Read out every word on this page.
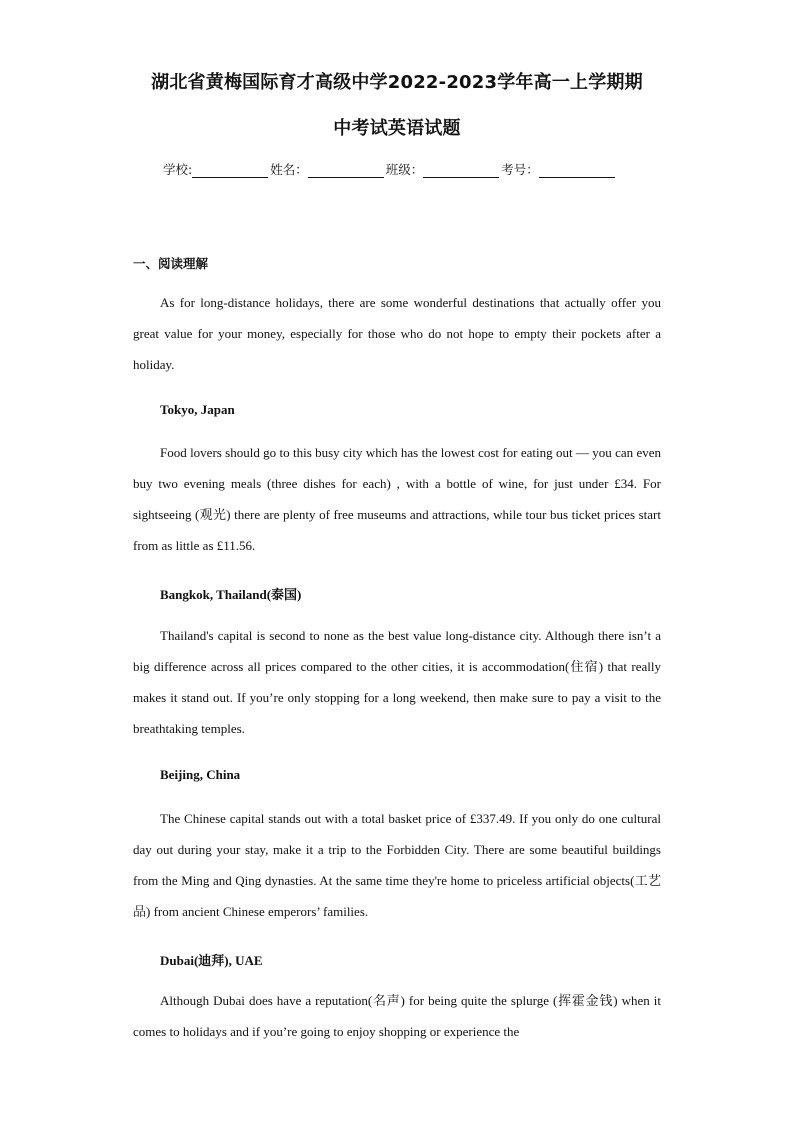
湖北省黄梅国际育才高级中学2022-2023学年高一上学期期
中考试英语试题
学校:	姓名：	班级：	考号：
一、阅读理解

As for long-distance holidays, there are some wonderful destinations that actually offer you great value for your money, especially for those who do not hope to empty their pockets after a holiday.

Tokyo, Japan

Food lovers should go to this busy city which has the lowest cost for eating out — you can even buy two evening meals (three dishes for each) , with a bottle of wine, for just under £34. For sightseeing (观光) there are plenty of free museums and attractions, while tour bus ticket prices start from as little as £11.56.

Bangkok, Thailand(泰国)

Thailand's capital is second to none as the best value long-distance city. Although there isn’t a big difference across all prices compared to the other cities, it is accommodation(住宿) that really makes it stand out. If you’re only stopping for a long weekend, then make sure to pay a visit to the breathtaking temples.

Beijing, China

The Chinese capital stands out with a total basket price of £337.49. If you only do one cultural day out during your stay, make it a trip to the Forbidden City. There are some beautiful buildings from the Ming and Qing dynasties. At the same time they're home to priceless artificial objects(工艺品) from ancient Chinese emperors’ families.

Dubai(迪拜), UAE

Although Dubai does have a reputation(名声) for being quite the splurge (挥霍金钱) when it comes to holidays and if you’re going to enjoy shopping or experience the
